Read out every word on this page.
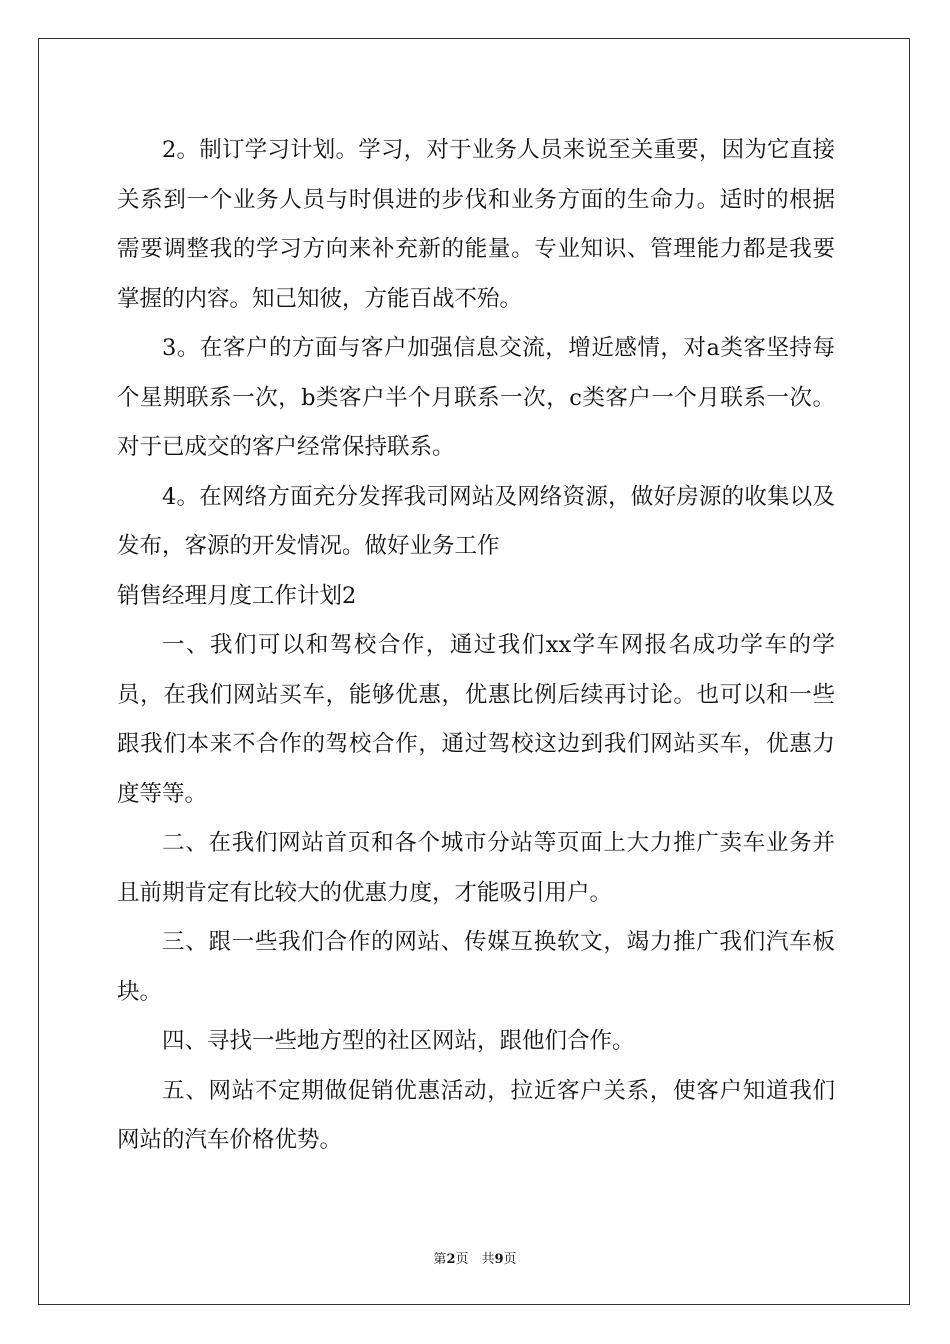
2。制订学习计划。学习，对于业务人员来说至关重要，因为它直接关系到一个业务人员与时俱进的步伐和业务方面的生命力。适时的根据需要调整我的学习方向来补充新的能量。专业知识、管理能力都是我要掌握的内容。知己知彼，方能百战不殆。

3。在客户的方面与客户加强信息交流，增近感情，对a类客坚持每个星期联系一次，b类客户半个月联系一次，c类客户一个月联系一次。对于已成交的客户经常保持联系。

4。在网络方面充分发挥我司网站及网络资源，做好房源的收集以及发布，客源的开发情况。做好业务工作

销售经理月度工作计划2

一、我们可以和驾校合作，通过我们xx学车网报名成功学车的学员，在我们网站买车，能够优惠，优惠比例后续再讨论。也可以和一些跟我们本来不合作的驾校合作，通过驾校这边到我们网站买车，优惠力度等等。

二、在我们网站首页和各个城市分站等页面上大力推广卖车业务并且前期肯定有比较大的优惠力度，才能吸引用户。

三、跟一些我们合作的网站、传媒互换软文，竭力推广我们汽车板块。

四、寻找一些地方型的社区网站，跟他们合作。

五、网站不定期做促销优惠活动，拉近客户关系，使客户知道我们网站的汽车价格优势。

第2页　共9页
